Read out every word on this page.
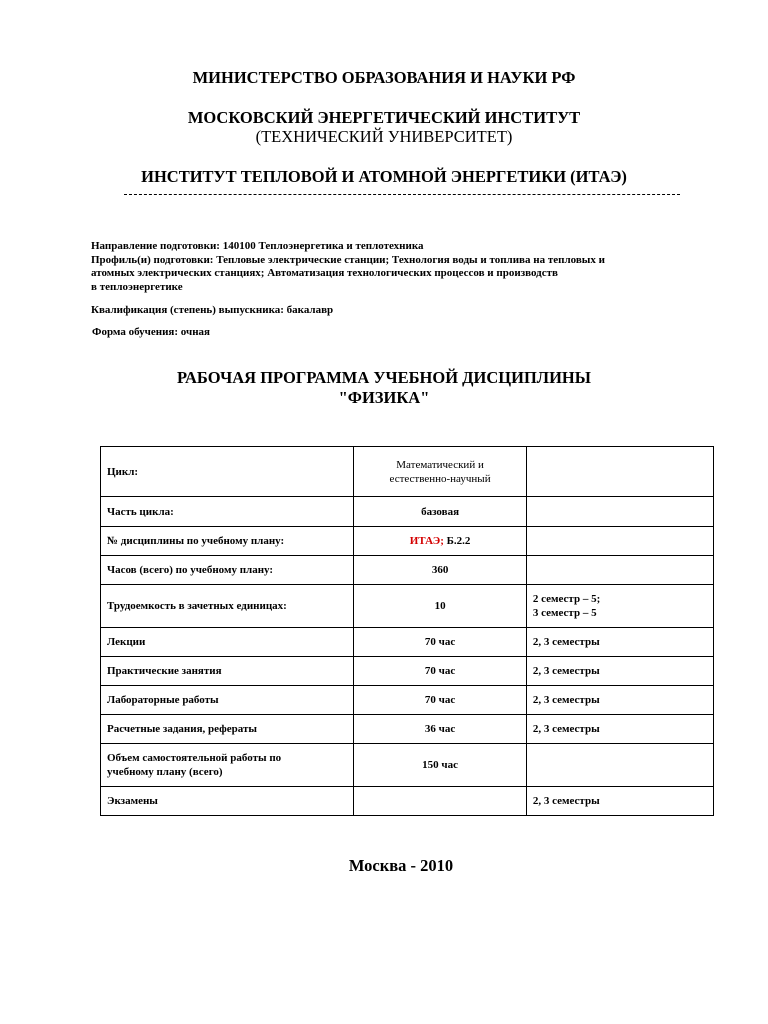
МИНИСТЕРСТВО ОБРАЗОВАНИЯ И НАУКИ РФ
МОСКОВСКИЙ ЭНЕРГЕТИЧЕСКИЙ ИНСТИТУТ
(ТЕХНИЧЕСКИЙ УНИВЕРСИТЕТ)
ИНСТИТУТ ТЕПЛОВОЙ И АТОМНОЙ ЭНЕРГЕТИКИ (ИТАЭ)
Направление подготовки: 140100 Теплоэнергетика и теплотехника
Профиль(и) подготовки: Тепловые электрические станции; Технология воды и топлива на тепловых и
атомных электрических станциях; Автоматизация технологических процессов и производств
в теплоэнергетике
Квалификация (степень) выпускника: бакалавр
Форма обучения: очная
РАБОЧАЯ ПРОГРАММА УЧЕБНОЙ ДИСЦИПЛИНЫ
"ФИЗИКА"
Цикл:	Математический и
естественно-научный	

Часть цикла:	базовая	
№ дисциплины по учебному плану:	ИТАЭ; Б.2.2	
Часов (всего) по учебному плану:	360	
Трудоемкость в зачетных единицах:	10	2 семестр – 5;
3 семестр – 5

Лекции	70 час	2, 3 семестры
Практические занятия	70 час	2, 3 семестры
Лабораторные работы	70 час	2, 3 семестры
Расчетные задания, рефераты	36 час	2, 3 семестры

Объем самостоятельной работы по
учебному плану (всего)	150 час	
Экзамены		2, 3 семестры
Москва - 2010
